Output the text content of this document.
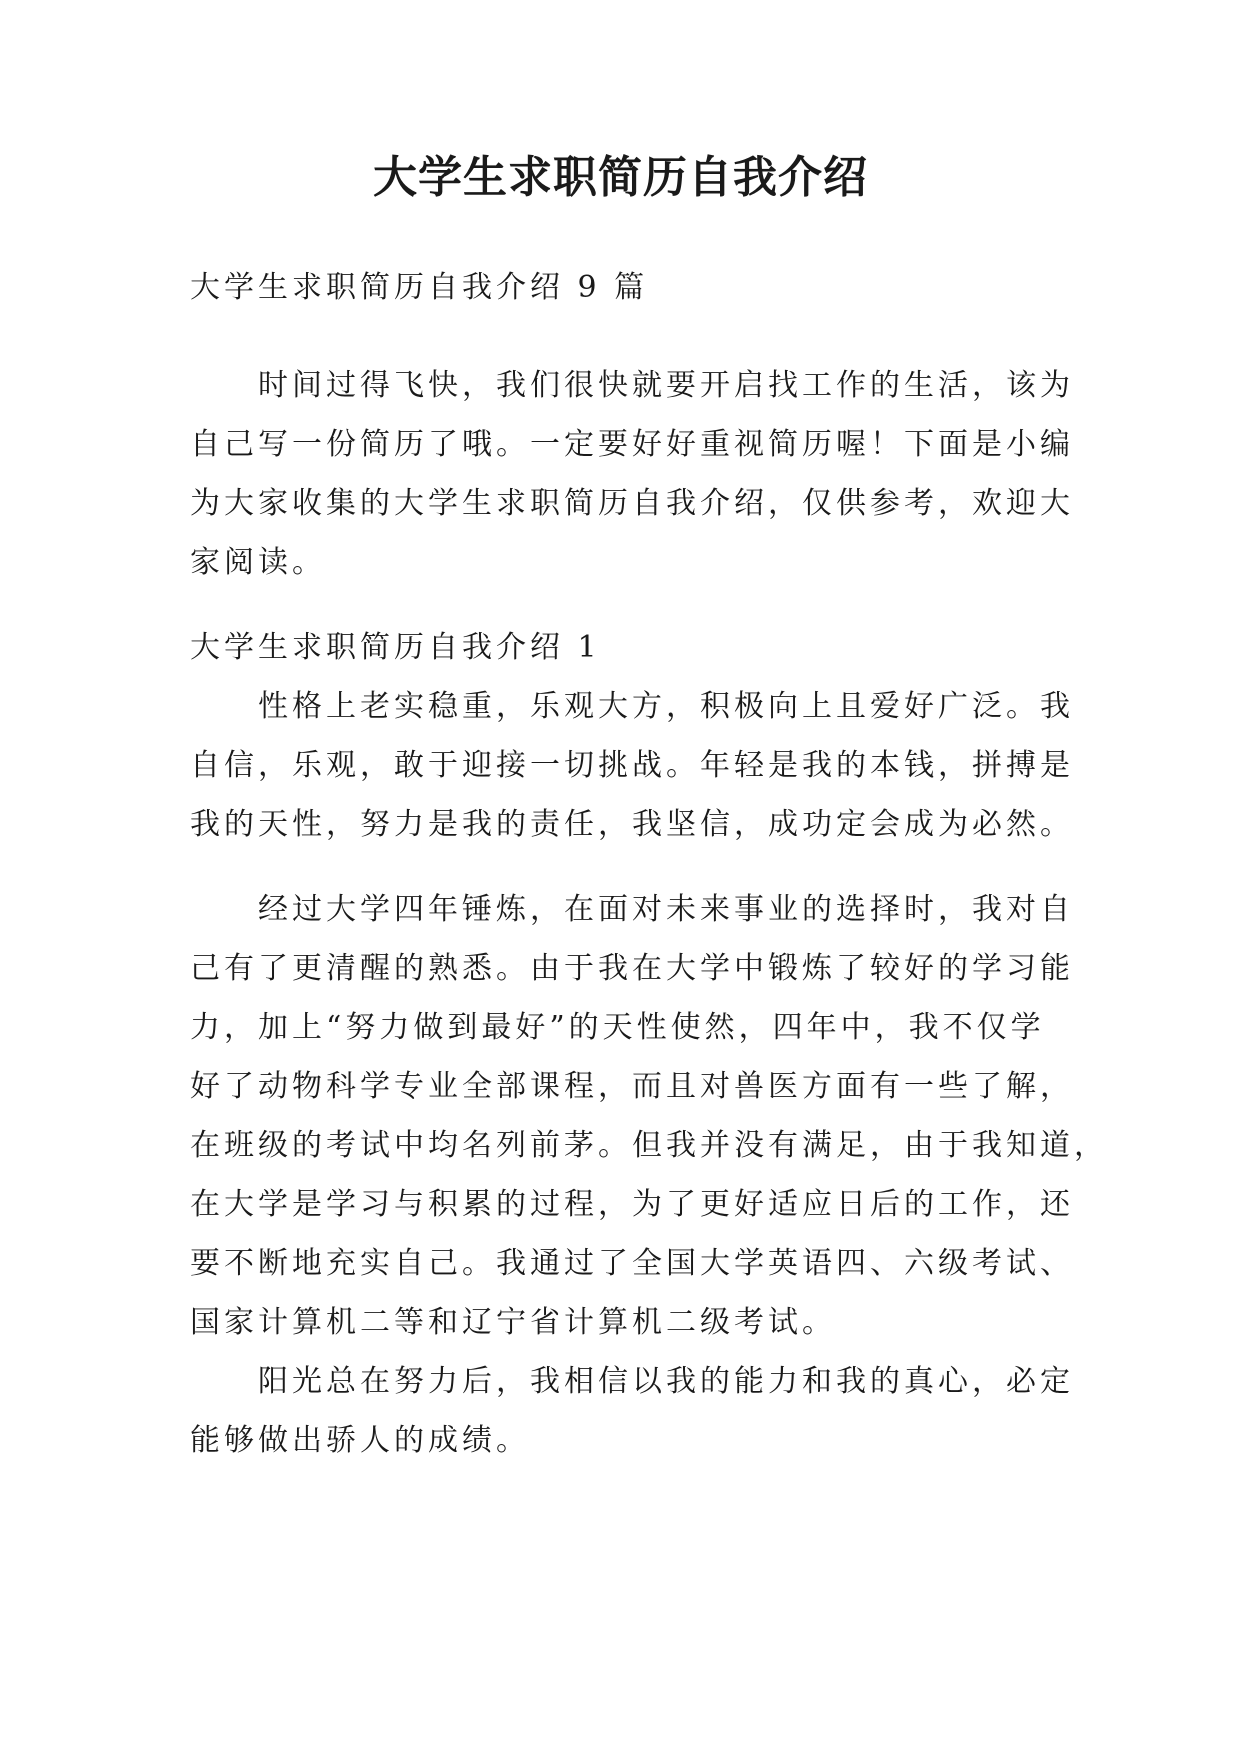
大学生求职简历自我介绍

大学生求职简历自我介绍 9 篇

时间过得飞快，我们很快就要开启找工作的生活，该为
自己写一份简历了哦。一定要好好重视简历喔！下面是小编
为大家收集的大学生求职简历自我介绍，仅供参考，欢迎大
家阅读。

大学生求职简历自我介绍 1

性格上老实稳重，乐观大方，积极向上且爱好广泛。我
自信，乐观，敢于迎接一切挑战。年轻是我的本钱，拼搏是
我的天性，努力是我的责任，我坚信，成功定会成为必然。

经过大学四年锤炼，在面对未来事业的选择时，我对自
己有了更清醒的熟悉。由于我在大学中锻炼了较好的学习能
力，加上“努力做到最好”的天性使然，四年中，我不仅学
好了动物科学专业全部课程，而且对兽医方面有一些了解，
在班级的考试中均名列前茅。但我并没有满足，由于我知道，
在大学是学习与积累的过程，为了更好适应日后的工作，还
要不断地充实自己。我通过了全国大学英语四、六级考试、
国家计算机二等和辽宁省计算机二级考试。

阳光总在努力后，我相信以我的能力和我的真心，必定
能够做出骄人的成绩。
